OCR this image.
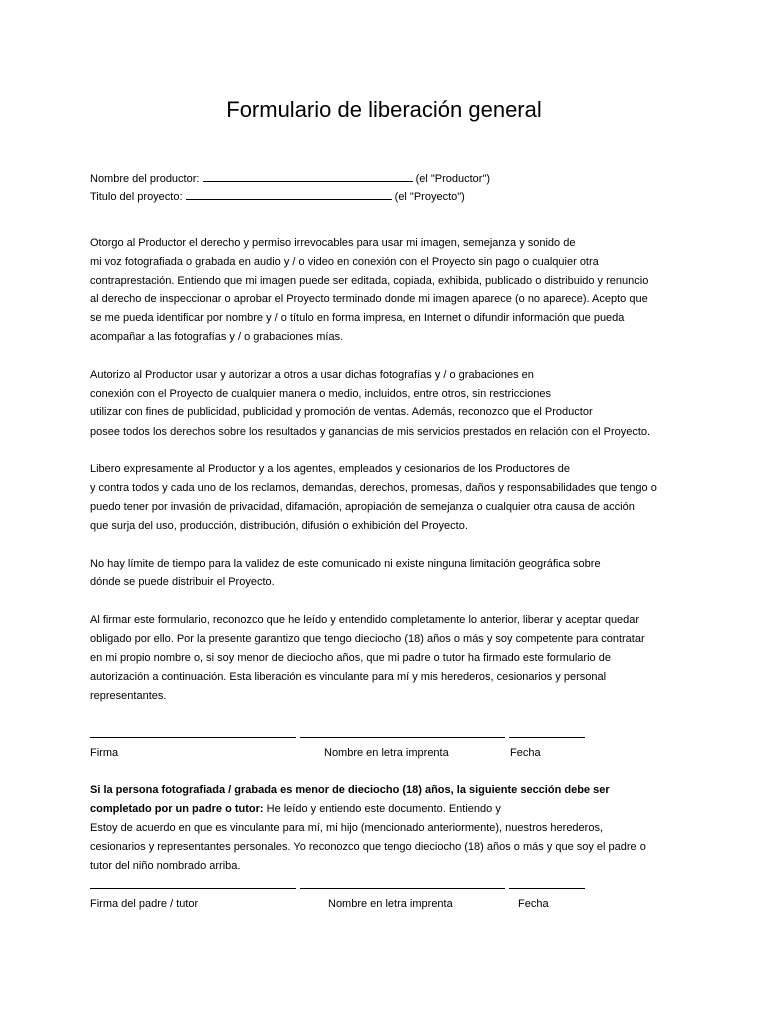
Formulario de liberación general

Nombre del productor:	(el "Productor")

Titulo del proyecto:	(el "Proyecto")

Otorgo al Productor el derecho y permiso irrevocables para usar mi imagen, semejanza y sonido de

mi voz fotografiada o grabada en audio y / o video en conexión con el Proyecto sin pago o cualquier otra

contraprestación. Entiendo que mi imagen puede ser editada, copiada, exhibida, publicado o distribuido y renuncio

al derecho de inspeccionar o aprobar el Proyecto terminado donde mi imagen aparece (o no aparece). Acepto que

se me pueda identificar por nombre y / o título en forma impresa, en Internet o difundir información que pueda

acompañar a las fotografías y / o grabaciones mías.

Autorizo al Productor usar y autorizar a otros a usar dichas fotografías y / o grabaciones en

conexión con el Proyecto de cualquier manera o medio, incluidos, entre otros, sin restricciones

utilizar con fines de publicidad, publicidad y promoción de ventas. Además, reconozco que el Productor

posee todos los derechos sobre los resultados y ganancias de mis servicios prestados en relación con el Proyecto.

Libero expresamente al Productor y a los agentes, empleados y cesionarios de los Productores de

y contra todos y cada uno de los reclamos, demandas, derechos, promesas, daños y responsabilidades que tengo o

puedo tener por invasión de privacidad, difamación, apropiación de semejanza o cualquier otra causa de acción

que surja del uso, producción, distribución, difusión o exhibición del Proyecto.

No hay límite de tiempo para la validez de este comunicado ni existe ninguna limitación geográfica sobre

dónde se puede distribuir el Proyecto.

Al firmar este formulario, reconozco que he leído y entendido completamente lo anterior, liberar y aceptar quedar

obligado por ello. Por la presente garantizo que tengo dieciocho (18) años o más y soy competente para contratar

en mi propio nombre o, si soy menor de dieciocho años, que mi padre o tutor ha firmado este formulario de

autorización a continuación. Esta liberación es vinculante para mí y mis herederos, cesionarios y personal

representantes.

Firma	Nombre en letra imprenta	Fecha

Si la persona fotografiada / grabada es menor de dieciocho (18) años, la siguiente sección debe ser

completado por un padre o tutor: He leído y entiendo este documento. Entiendo y

Estoy de acuerdo en que es vinculante para mí, mi hijo (mencionado anteriormente), nuestros herederos,

cesionarios y representantes personales. Yo reconozco que tengo dieciocho (18) años o más y que soy el padre o

tutor del niño nombrado arriba.

Firma del padre / tutor	Nombre en letra imprenta	Fecha
